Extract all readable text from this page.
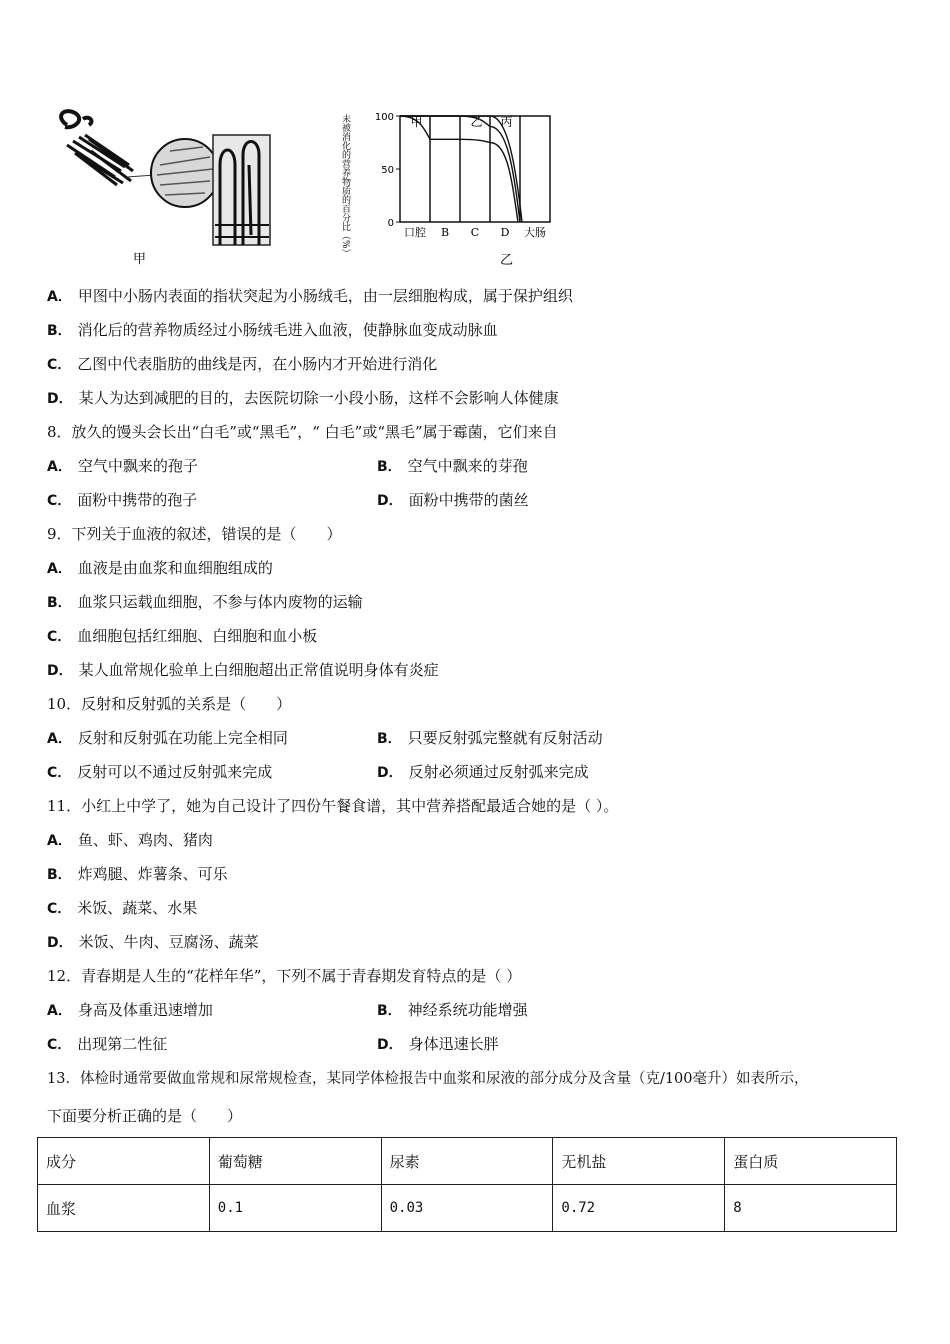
甲
未被消化的营养物质的百分比（%） 100
50
0
口腔 B C D 大肠
甲	乙 丙
乙
A． 甲图中小肠内表面的指状突起为小肠绒毛，由一层细胞构成，属于保护组织
B． 消化后的营养物质经过小肠绒毛进入血液，使静脉血变成动脉血
C． 乙图中代表脂肪的曲线是丙，在小肠内才开始进行消化
D． 某人为达到减肥的目的，去医院切除一小段小肠，这样不会影响人体健康
8．放久的馒头会长出“白毛”或“黑毛”，“ 白毛”或“黑毛”属于霉菌，它们来自
A． 空气中飘来的孢子	B． 空气中飘来的芽孢
C． 面粉中携带的孢子	D． 面粉中携带的菌丝
9．下列关于血液的叙述，错误的是（　　）
A． 血液是由血浆和血细胞组成的
B． 血浆只运载血细胞，不参与体内废物的运输
C． 血细胞包括红细胞、白细胞和血小板
D． 某人血常规化验单上白细胞超出正常值说明身体有炎症
10．反射和反射弧的关系是（　　）
A． 反射和反射弧在功能上完全相同	B． 只要反射弧完整就有反射活动
C． 反射可以不通过反射弧来完成	D． 反射必须通过反射弧来完成
11．小红上中学了，她为自己设计了四份午餐食谱，其中营养搭配最适合她的是（ ）。
A． 鱼、虾、鸡肉、猪肉
B． 炸鸡腿、炸薯条、可乐
C． 米饭、蔬菜、水果
D． 米饭、牛肉、豆腐汤、蔬菜
12．青春期是人生的“花样年华”，下列不属于青春期发育特点的是（ ）
A． 身高及体重迅速增加	B． 神经系统功能增强
C． 出现第二性征	D． 身体迅速长胖
13．体检时通常要做血常规和尿常规检查，某同学体检报告中血浆和尿液的部分成分及含量（克/100毫升）如表所示，
下面要分析正确的是（　　）
成分	葡萄糖	尿素	无机盐	蛋白质
血浆	0.1	0.03	0.72	8
